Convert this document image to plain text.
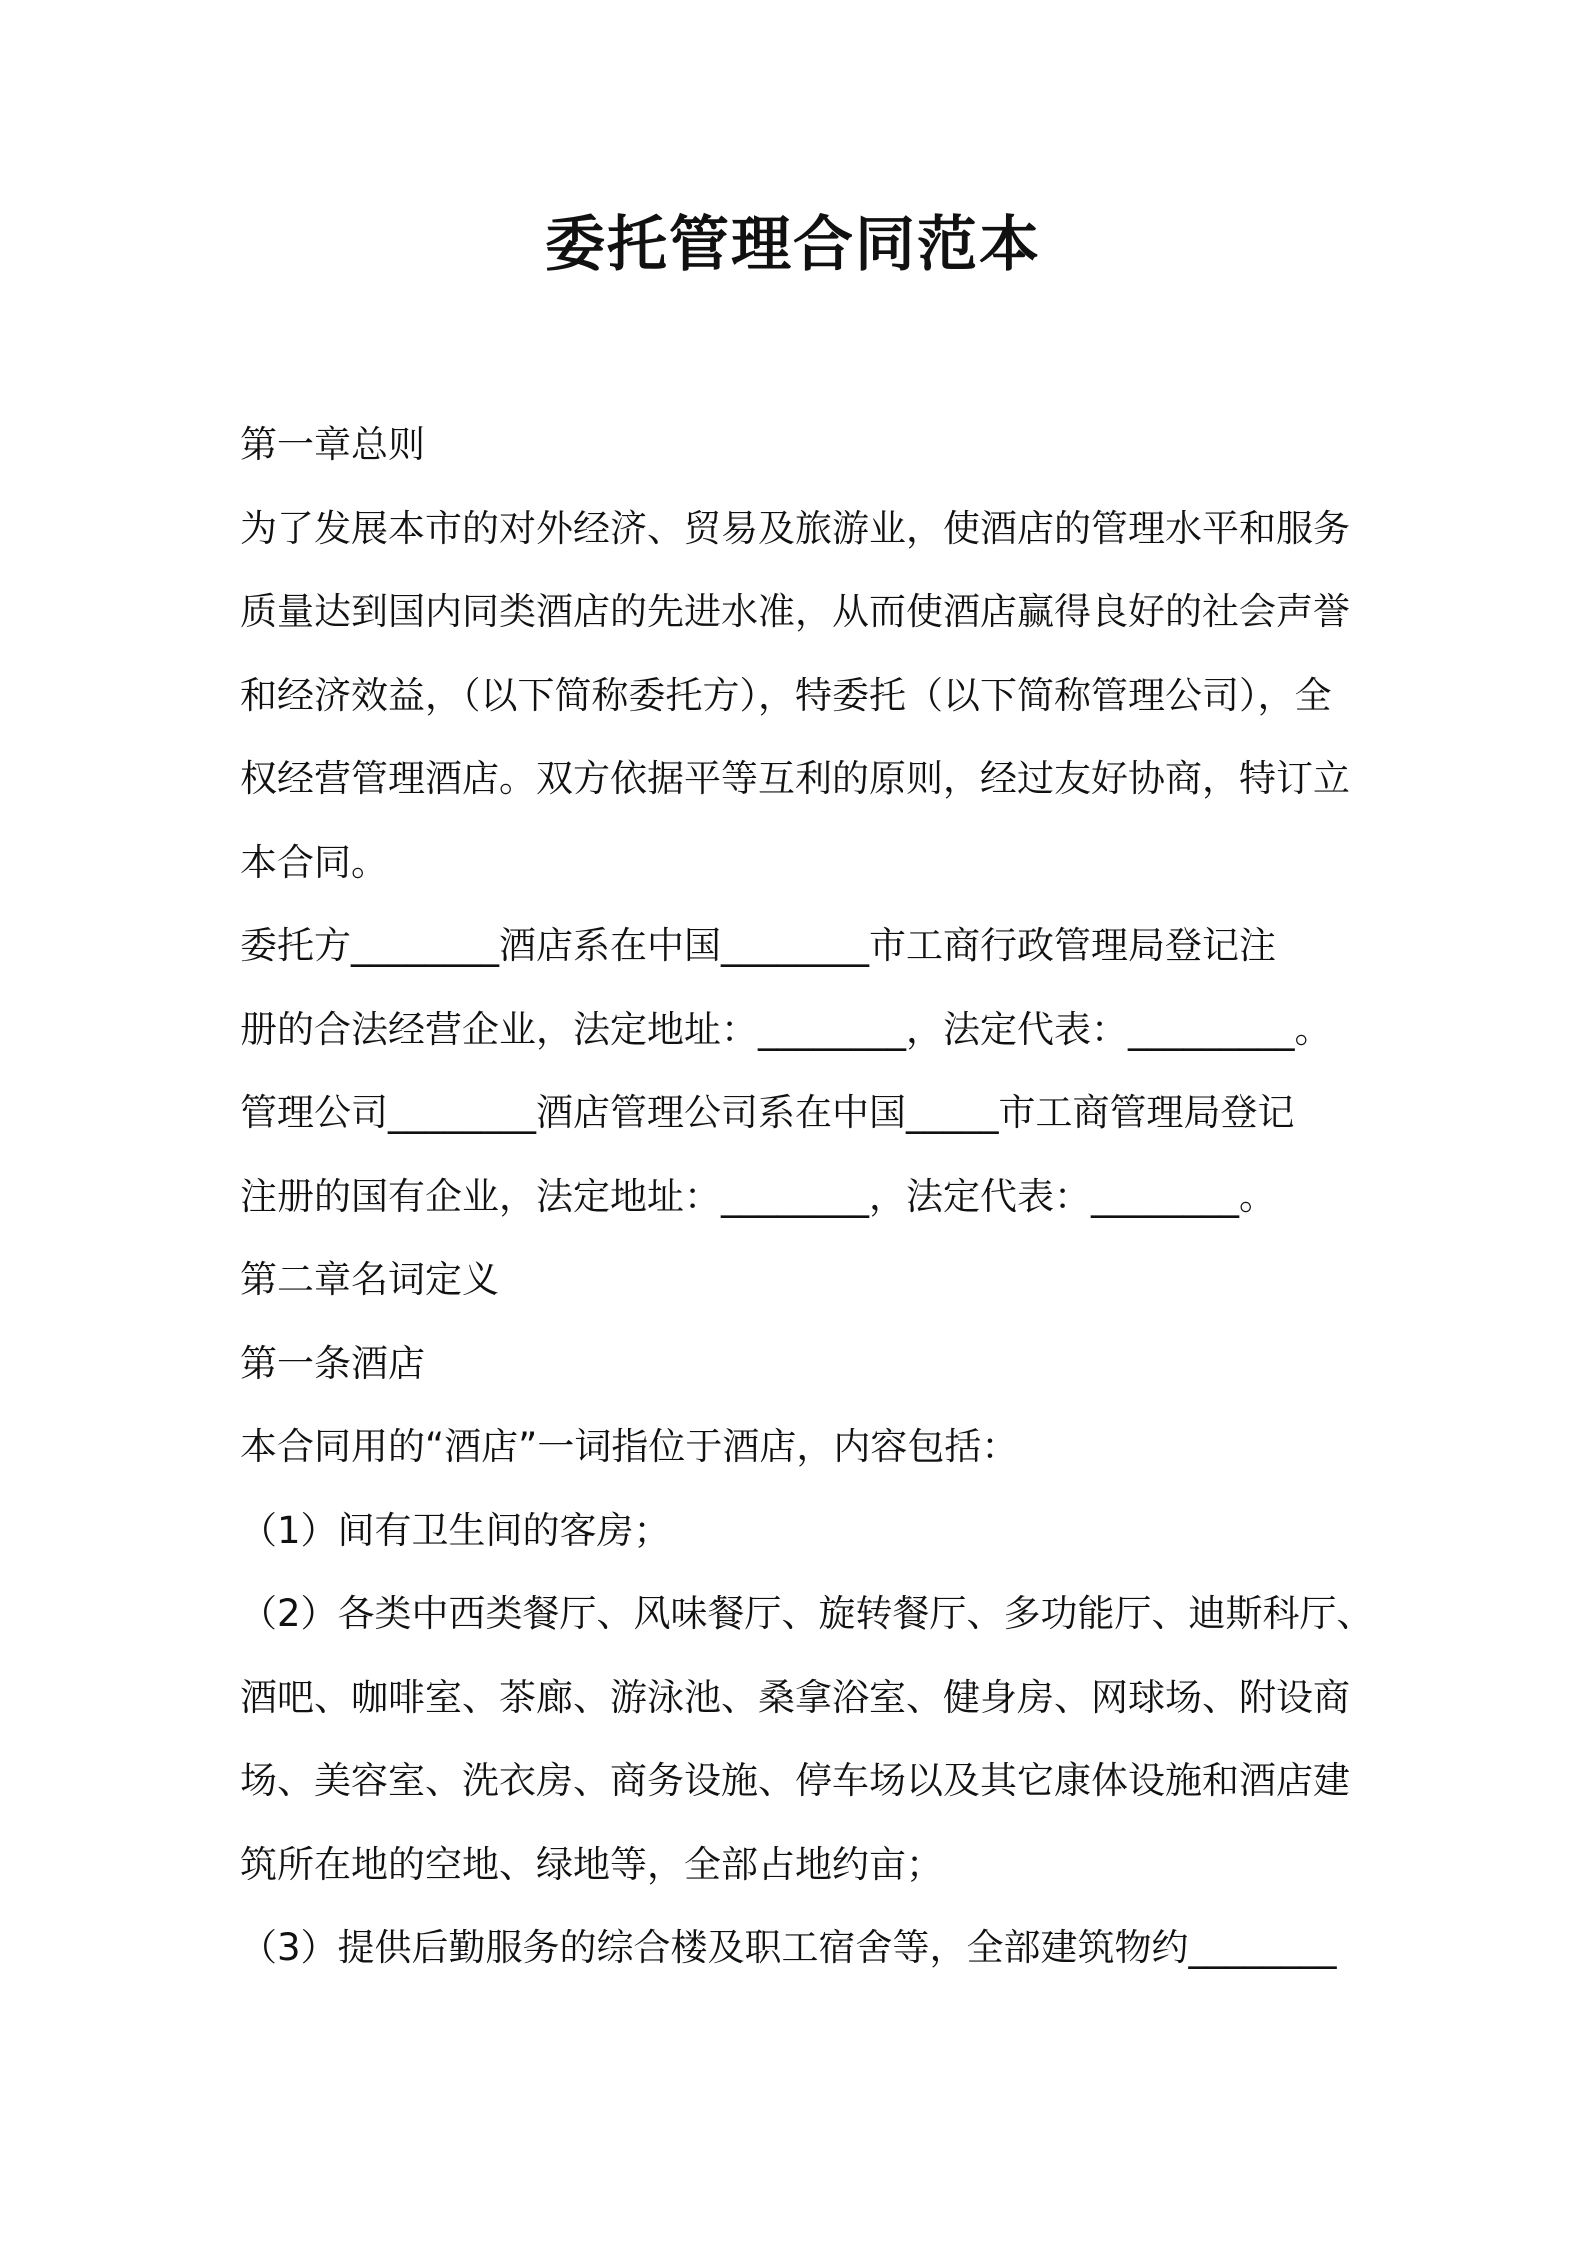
委托管理合同范本

第一章总则

为了发展本市的对外经济、贸易及旅游业，使酒店的管理水平和服务

质量达到国内同类酒店的先进水准，从而使酒店赢得良好的社会声誉

和经济效益，（以下简称委托方），特委托（以下简称管理公司），全

权经营管理酒店。双方依据平等互利的原则，经过友好协商，特订立

本合同。

委托方________酒店系在中国________市工商行政管理局登记注

册的合法经营企业，法定地址：________，法定代表：_________。

管理公司________酒店管理公司系在中国_____市工商管理局登记

注册的国有企业，法定地址：________，法定代表：________。

第二章名词定义

第一条酒店

本合同用的“酒店”一词指位于酒店，内容包括：

（1）间有卫生间的客房；

（2）各类中西类餐厅、风味餐厅、旋转餐厅、多功能厅、迪斯科厅、

酒吧、咖啡室、茶廊、游泳池、桑拿浴室、健身房、网球场、附设商

场、美容室、洗衣房、商务设施、停车场以及其它康体设施和酒店建

筑所在地的空地、绿地等，全部占地约亩；

（3）提供后勤服务的综合楼及职工宿舍等，全部建筑物约________
